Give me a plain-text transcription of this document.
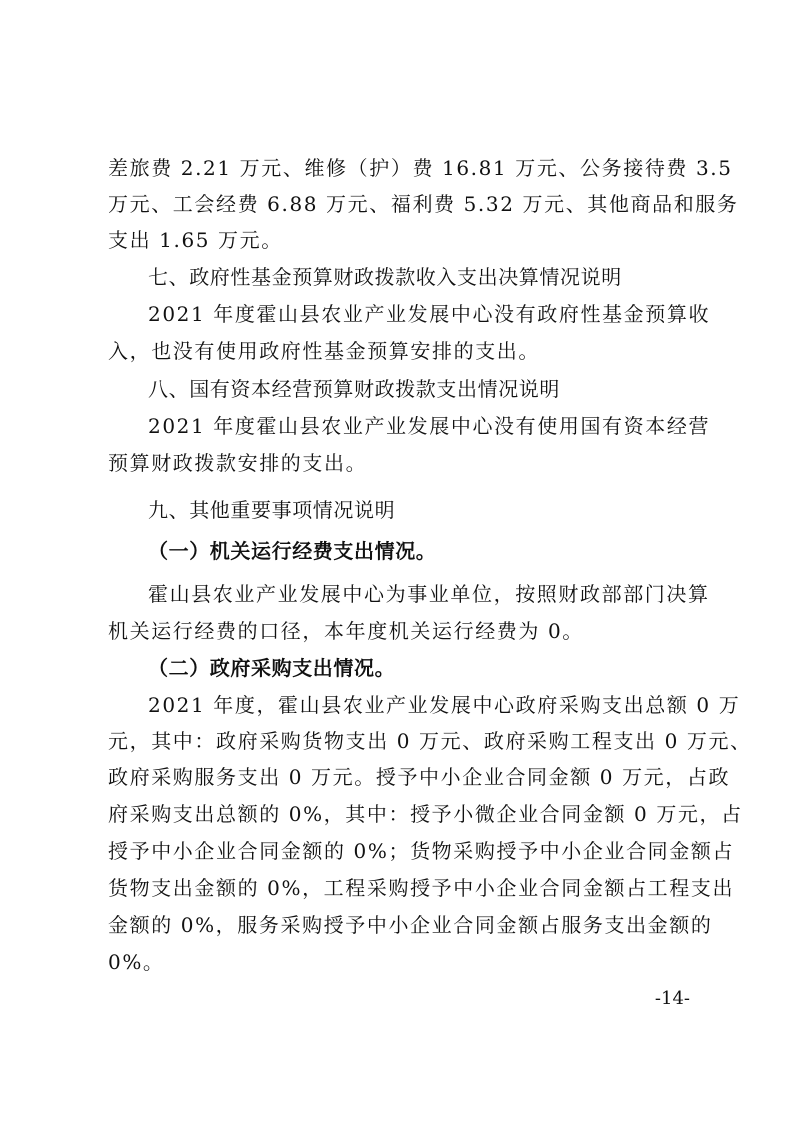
差旅费 2.21 万元、维修（护）费 16.81 万元、公务接待费 3.5
万元、工会经费 6.88 万元、福利费 5.32 万元、其他商品和服务
支出 1.65 万元。
七、政府性基金预算财政拨款收入支出决算情况说明
2021 年度霍山县农业产业发展中心没有政府性基金预算收
入，也没有使用政府性基金预算安排的支出。
八、国有资本经营预算财政拨款支出情况说明
2021 年度霍山县农业产业发展中心没有使用国有资本经营
预算财政拨款安排的支出。
九、其他重要事项情况说明
（一）机关运行经费支出情况。
霍山县农业产业发展中心为事业单位，按照财政部部门决算
机关运行经费的口径，本年度机关运行经费为 0。
（二）政府采购支出情况。
2021 年度，霍山县农业产业发展中心政府采购支出总额 0 万
元，其中：政府采购货物支出 0 万元、政府采购工程支出 0 万元、
政府采购服务支出 0 万元。授予中小企业合同金额 0 万元，占政
府采购支出总额的 0%，其中：授予小微企业合同金额 0 万元，占
授予中小企业合同金额的 0%；货物采购授予中小企业合同金额占
货物支出金额的 0%，工程采购授予中小企业合同金额占工程支出
金额的 0%，服务采购授予中小企业合同金额占服务支出金额的
0%。
-14-
